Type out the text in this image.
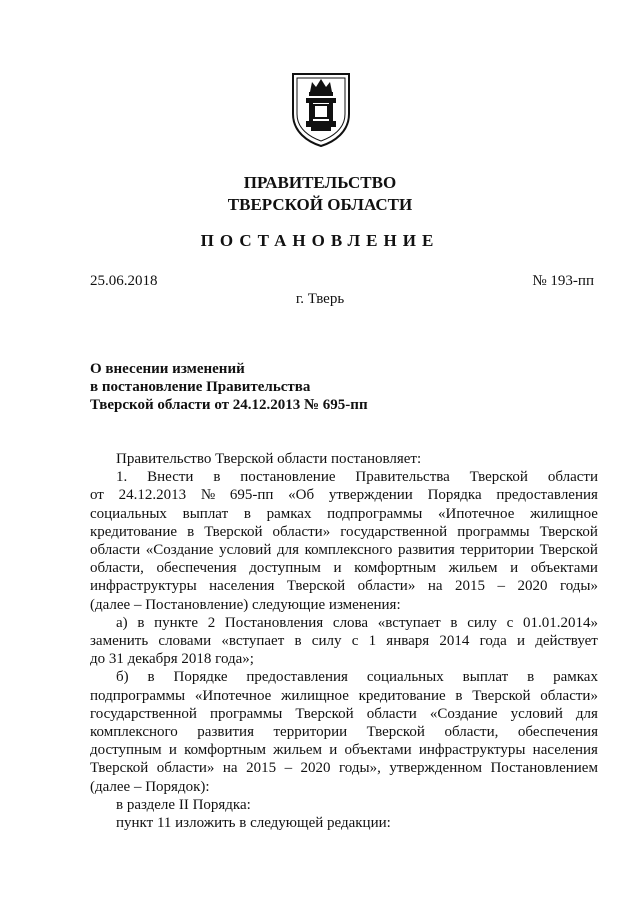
ПРАВИТЕЛЬСТВО
ТВЕРСКОЙ ОБЛАСТИ
ПОСТАНОВЛЕНИЕ
25.06.2018	№ 193-пп
г. Тверь
О внесении изменений
в постановление Правительства
Тверской области от 24.12.2013 № 695-пп
Правительство Тверской области постановляет:
1. Внести в постановление Правительства Тверской области
от 24.12.2013 № 695-пп «Об утверждении Порядка предоставления
социальных выплат в рамках подпрограммы «Ипотечное жилищное
кредитование в Тверской области» государственной программы Тверской
области «Создание условий для комплексного развития территории Тверской
области, обеспечения доступным и комфортным жильем и объектами
инфраструктуры населения Тверской области» на 2015 – 2020 годы»
(далее – Постановление) следующие изменения:
а) в пункте 2 Постановления слова «вступает в силу с 01.01.2014»
заменить словами «вступает в силу с 1 января 2014 года и действует
до 31 декабря 2018 года»;
б) в Порядке предоставления социальных выплат в рамках
подпрограммы «Ипотечное жилищное кредитование в Тверской области»
государственной программы Тверской области «Создание условий для
комплексного развития территории Тверской области, обеспечения
доступным и комфортным жильем и объектами инфраструктуры населения
Тверской области» на 2015 – 2020 годы», утвержденном Постановлением
(далее – Порядок):
в разделе II Порядка:
пункт 11 изложить в следующей редакции:
